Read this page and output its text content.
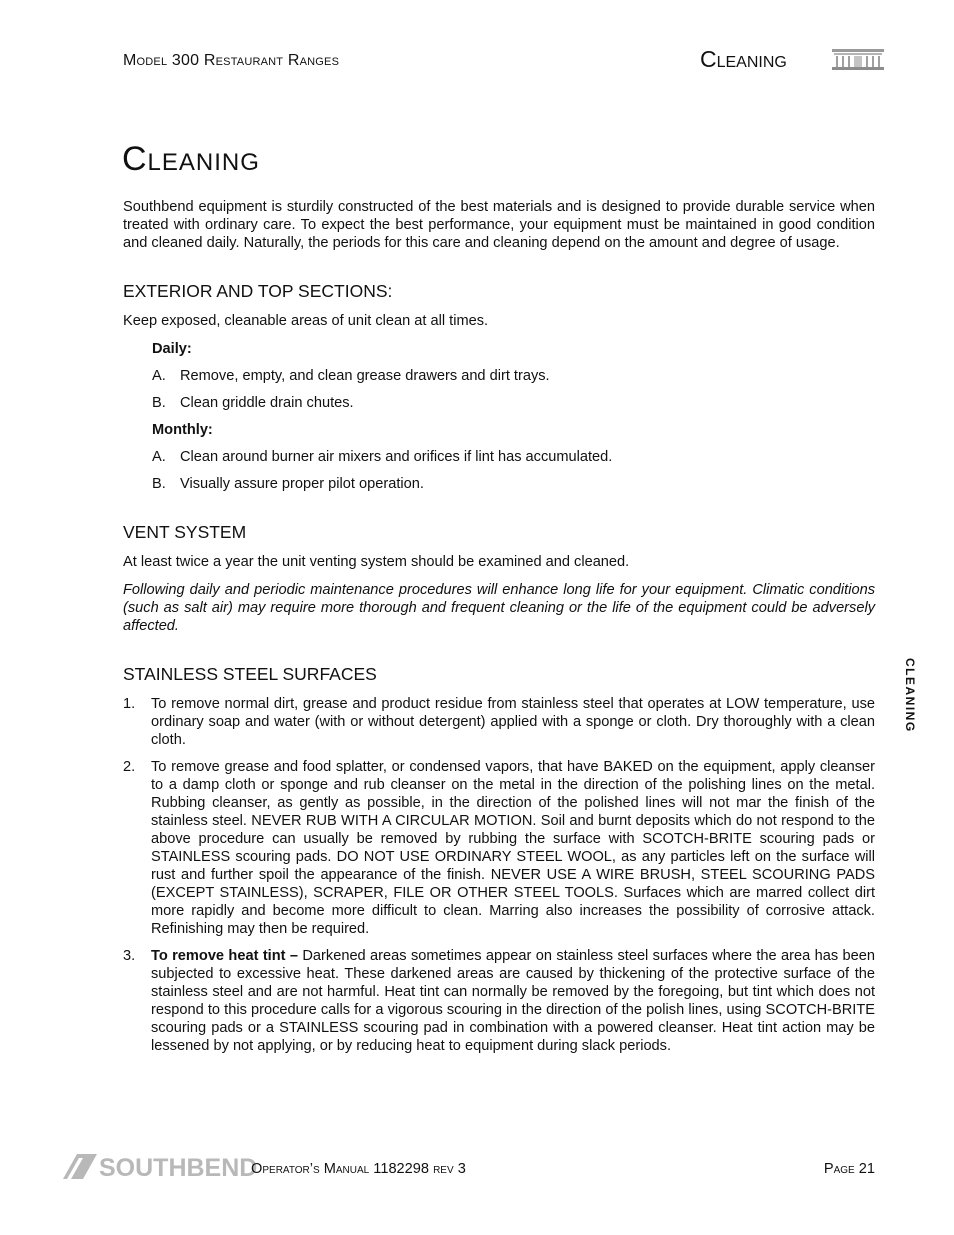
Model 300 Restaurant Ranges	Cleaning
Cleaning

Southbend equipment is sturdily constructed of the best materials and is designed to provide durable service when treated with ordinary care. To expect the best performance, your equipment must be maintained in good condition and cleaned daily. Naturally, the periods for this care and cleaning depend on the amount and degree of usage.

EXTERIOR AND TOP SECTIONS:

Keep exposed, cleanable areas of unit clean at all times.

Daily:
A. Remove, empty, and clean grease drawers and dirt trays.
B. Clean griddle drain chutes.
Monthly:
A. Clean around burner air mixers and orifices if lint has accumulated.
B. Visually assure proper pilot operation.
VENT SYSTEM

At least twice a year the unit venting system should be examined and cleaned.

Following daily and periodic maintenance procedures will enhance long life for your equipment. Climatic conditions (such as salt air) may require more thorough and frequent cleaning or the life of the equipment could be adversely affected.

STAINLESS STEEL SURFACES
1.	To remove normal dirt, grease and product residue from stainless steel that operates at LOW temperature, use ordinary soap and water (with or without detergent) applied with a sponge or cloth. Dry thoroughly with a clean cloth.
2.	To remove grease and food splatter, or condensed vapors, that have BAKED on the equipment, apply cleanser to a damp cloth or sponge and rub cleanser on the metal in the direction of the polishing lines on the metal. Rubbing cleanser, as gently as possible, in the direction of the polished lines will not mar the finish of the stainless steel. NEVER RUB WITH A CIRCULAR MOTION. Soil and burnt deposits which do not respond to the above procedure can usually be removed by rubbing the surface with SCOTCH-BRITE scouring pads or STAINLESS scouring pads. DO NOT USE ORDINARY STEEL WOOL, as any particles left on the surface will rust and further spoil the appearance of the finish. NEVER USE A WIRE BRUSH, STEEL SCOURING PADS (EXCEPT STAINLESS), SCRAPER, FILE OR OTHER STEEL TOOLS. Surfaces which are marred collect dirt more rapidly and become more difficult to clean. Marring also increases the possibility of corrosive attack. Refinishing may then be required.
3.	To remove heat tint – Darkened areas sometimes appear on stainless steel surfaces where the area has been subjected to excessive heat. These darkened areas are caused by thickening of the protective surface of the stainless steel and are not harmful. Heat tint can normally be removed by the foregoing, but tint which does not respond to this procedure calls for a vigorous scouring in the direction of the polish lines, using SCOTCH-BRITE scouring pads or a STAINLESS scouring pad in combination with a powered cleanser. Heat tint action may be lessened by not applying, or by reducing heat to equipment during slack periods.
CLEANING
SOUTHBEND
Operator’s Manual 1182298 rev 3	Page 21
